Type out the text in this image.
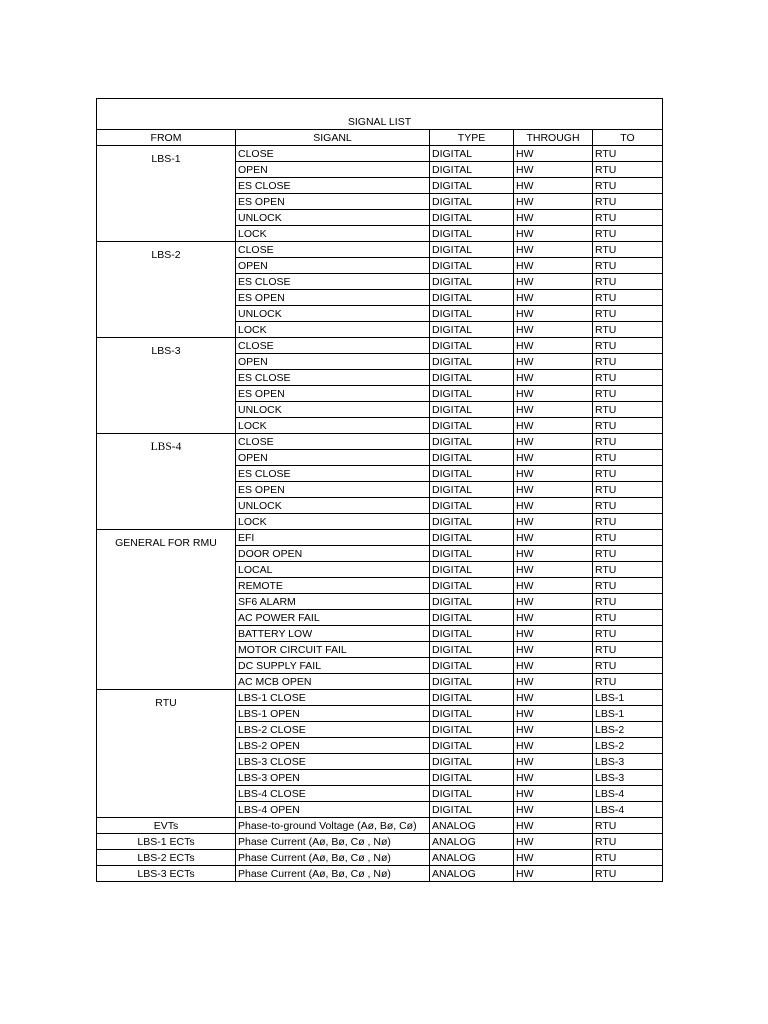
SIGNAL LIST				
FROM	SIGANL	TYPE	THROUGH	TO
LBS-1	CLOSE	DIGITAL	HW	RTU
	OPEN	DIGITAL	HW	RTU
	ES CLOSE	DIGITAL	HW	RTU
	ES OPEN	DIGITAL	HW	RTU
	UNLOCK	DIGITAL	HW	RTU
	LOCK	DIGITAL	HW	RTU
LBS-2	CLOSE	DIGITAL	HW	RTU
	OPEN	DIGITAL	HW	RTU
	ES CLOSE	DIGITAL	HW	RTU
	ES OPEN	DIGITAL	HW	RTU
	UNLOCK	DIGITAL	HW	RTU
	LOCK	DIGITAL	HW	RTU
LBS-3	CLOSE	DIGITAL	HW	RTU
	OPEN	DIGITAL	HW	RTU
	ES CLOSE	DIGITAL	HW	RTU
	ES OPEN	DIGITAL	HW	RTU
	UNLOCK	DIGITAL	HW	RTU
	LOCK	DIGITAL	HW	RTU
LBS-4	CLOSE	DIGITAL	HW	RTU
	OPEN	DIGITAL	HW	RTU
	ES CLOSE	DIGITAL	HW	RTU
	ES OPEN	DIGITAL	HW	RTU
	UNLOCK	DIGITAL	HW	RTU
	LOCK	DIGITAL	HW	RTU
GENERAL FOR RMU	EFI	DIGITAL	HW	RTU
	DOOR OPEN	DIGITAL	HW	RTU
	LOCAL	DIGITAL	HW	RTU
	REMOTE	DIGITAL	HW	RTU
	SF6 ALARM	DIGITAL	HW	RTU
	AC POWER FAIL	DIGITAL	HW	RTU
	BATTERY LOW	DIGITAL	HW	RTU
	MOTOR CIRCUIT FAIL	DIGITAL	HW	RTU
	DC SUPPLY FAIL	DIGITAL	HW	RTU
	AC MCB OPEN	DIGITAL	HW	RTU
RTU	LBS-1 CLOSE	DIGITAL	HW	LBS-1
	LBS-1 OPEN	DIGITAL	HW	LBS-1
	LBS-2 CLOSE	DIGITAL	HW	LBS-2
	LBS-2 OPEN	DIGITAL	HW	LBS-2
	LBS-3 CLOSE	DIGITAL	HW	LBS-3
	LBS-3 OPEN	DIGITAL	HW	LBS-3
	LBS-4 CLOSE	DIGITAL	HW	LBS-4
	LBS-4 OPEN	DIGITAL	HW	LBS-4
EVTs	Phase-to-ground Voltage (Aø, Bø, Cø)	ANALOG	HW	RTU
LBS-1 ECTs	Phase Current (Aø, Bø, Cø , Nø)	ANALOG	HW	RTU
LBS-2 ECTs	Phase Current (Aø, Bø, Cø , Nø)	ANALOG	HW	RTU
LBS-3 ECTs	Phase Current (Aø, Bø, Cø , Nø)	ANALOG	HW	RTU
